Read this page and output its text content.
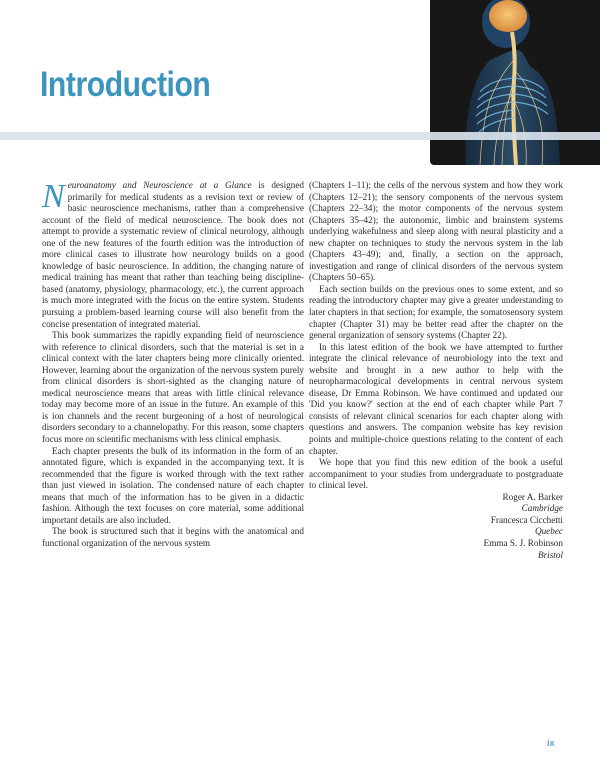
Introduction

Neuroanatomy and Neuroscience at a Glance is designed primarily for medical students as a revision text or review of basic neuroscience mechanisms, rather than a comprehensive account of the field of medical neuroscience. The book does not attempt to provide a systematic review of clinical neurology, although one of the new features of the fourth edition was the introduction of more clinical cases to illustrate how neurology builds on a good knowledge of basic neuroscience. In addition, the changing nature of medical training has meant that rather than teaching being discipline-based (anatomy, physiology, pharmacology, etc.), the current approach is much more integrated with the focus on the entire system. Students pursuing a problem-based learning course will also benefit from the concise presentation of integrated material.

This book summarizes the rapidly expanding field of neuroscience with reference to clinical disorders, such that the material is set in a clinical context with the later chapters being more clinically oriented. However, learning about the organization of the nervous system purely from clinical disorders is short-sighted as the changing nature of medical neuroscience means that areas with little clinical relevance today may become more of an issue in the future. An example of this is ion channels and the recent burgeoning of a host of neurological disorders secondary to a channelopathy. For this reason, some chapters focus more on scientific mechanisms with less clinical emphasis.

Each chapter presents the bulk of its information in the form of an annotated figure, which is expanded in the accompanying text. It is recommended that the figure is worked through with the text rather than just viewed in isolation. The condensed nature of each chapter means that much of the information has to be given in a didactic fashion. Although the text focuses on core material, some additional important details are also included.

The book is structured such that it begins with the anatomical and functional organization of the nervous system

(Chapters 1–11); the cells of the nervous system and how they work (Chapters 12–21); the sensory components of the nervous system (Chapters 22–34); the motor components of the nervous system (Chapters 35–42); the autonomic, limbic and brainstem systems underlying wakefulness and sleep along with neural plasticity and a new chapter on techniques to study the nervous system in the lab (Chapters 43–49); and, finally, a section on the approach, investigation and range of clinical disorders of the nervous system (Chapters 50–65).

Each section builds on the previous ones to some extent, and so reading the introductory chapter may give a greater understanding to later chapters in that section; for example, the somatosensory system chapter (Chapter 31) may be better read after the chapter on the general organization of sensory systems (Chapter 22).

In this latest edition of the book we have attempted to further integrate the clinical relevance of neurobiology into the text and website and brought in a new author to help with the neuropharmacological developments in central nervous system disease, Dr Emma Robinson. We have continued and updated our 'Did you know?' section at the end of each chapter while Part 7 consists of relevant clinical scenarios for each chapter along with questions and answers. The companion website has key revision points and multiple-choice questions relating to the content of each chapter.

We hope that you find this new edition of the book a useful accompaniment to your studies from undergraduate to postgraduate to clinical level.

Roger A. Barker
Cambridge

Francesca Cicchetti
Quebec

Emma S. J. Robinson
Bristol

ix
